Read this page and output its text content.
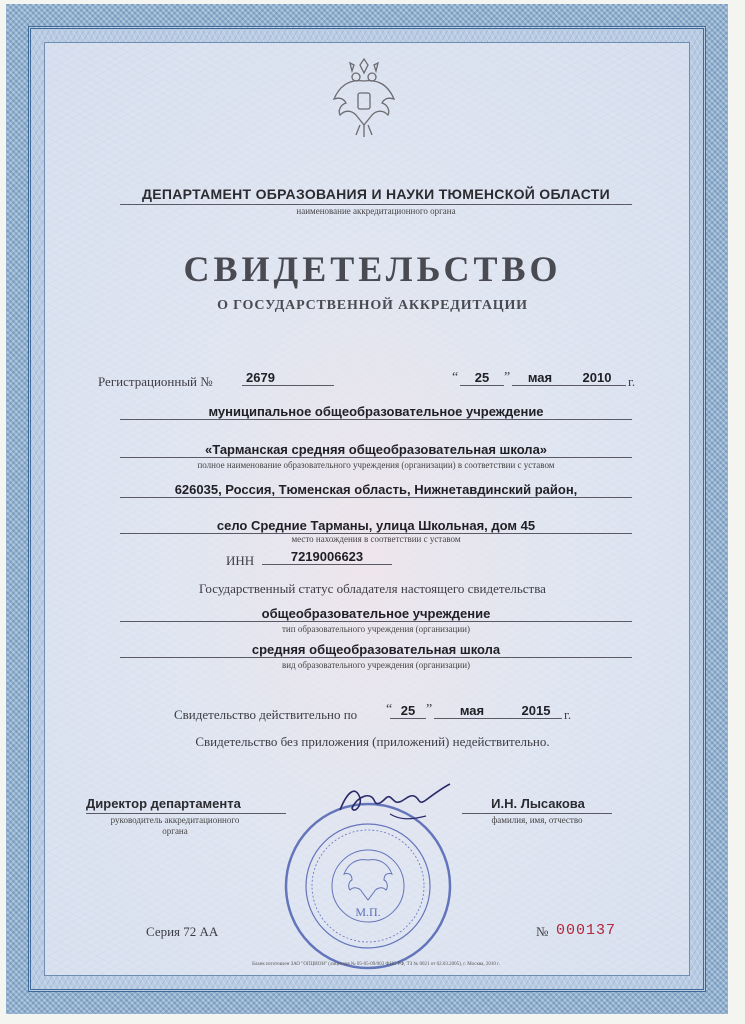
ДЕПАРТАМЕНТ ОБРАЗОВАНИЯ И НАУКИ ТЮМЕНСКОЙ ОБЛАСТИ
наименование аккредитационного органа
СВИДЕТЕЛЬСТВО
О ГОСУДАРСТВЕННОЙ АККРЕДИТАЦИИ
Регистрационный №	2679	“	25	”	мая	2010	г.
муниципальное общеобразовательное учреждение
«Тарманская средняя общеобразовательная школа»
полное наименование образовательного учреждения (организации) в соответствии с уставом
626035, Россия, Тюменская область, Нижнетавдинский район,
село Средние Тарманы, улица Школьная, дом 45
место нахождения в соответствии с уставом
ИНН	7219006623
Государственный статус обладателя настоящего свидетельства
общеобразовательное учреждение
тип образовательного учреждения (организации)
средняя общеобразовательная школа
вид образовательного учреждения (организации)
Свидетельство действительно по “ 25 ”	мая	2015	г.
Свидетельство без приложения (приложений) недействительно.
Директор департамента
руководитель аккредитационного органа
И.Н. Лысакова
фамилия, имя, отчество
М.П.
Серия 72 АА	№ 000137
Бланк изготовлен ЗАО "ОПЦИОН" (лицензия № 05-05-09/003 ФНС РФ, ТЗ № 0021 от 02.03.2005), г. Москва, 2010 г.
